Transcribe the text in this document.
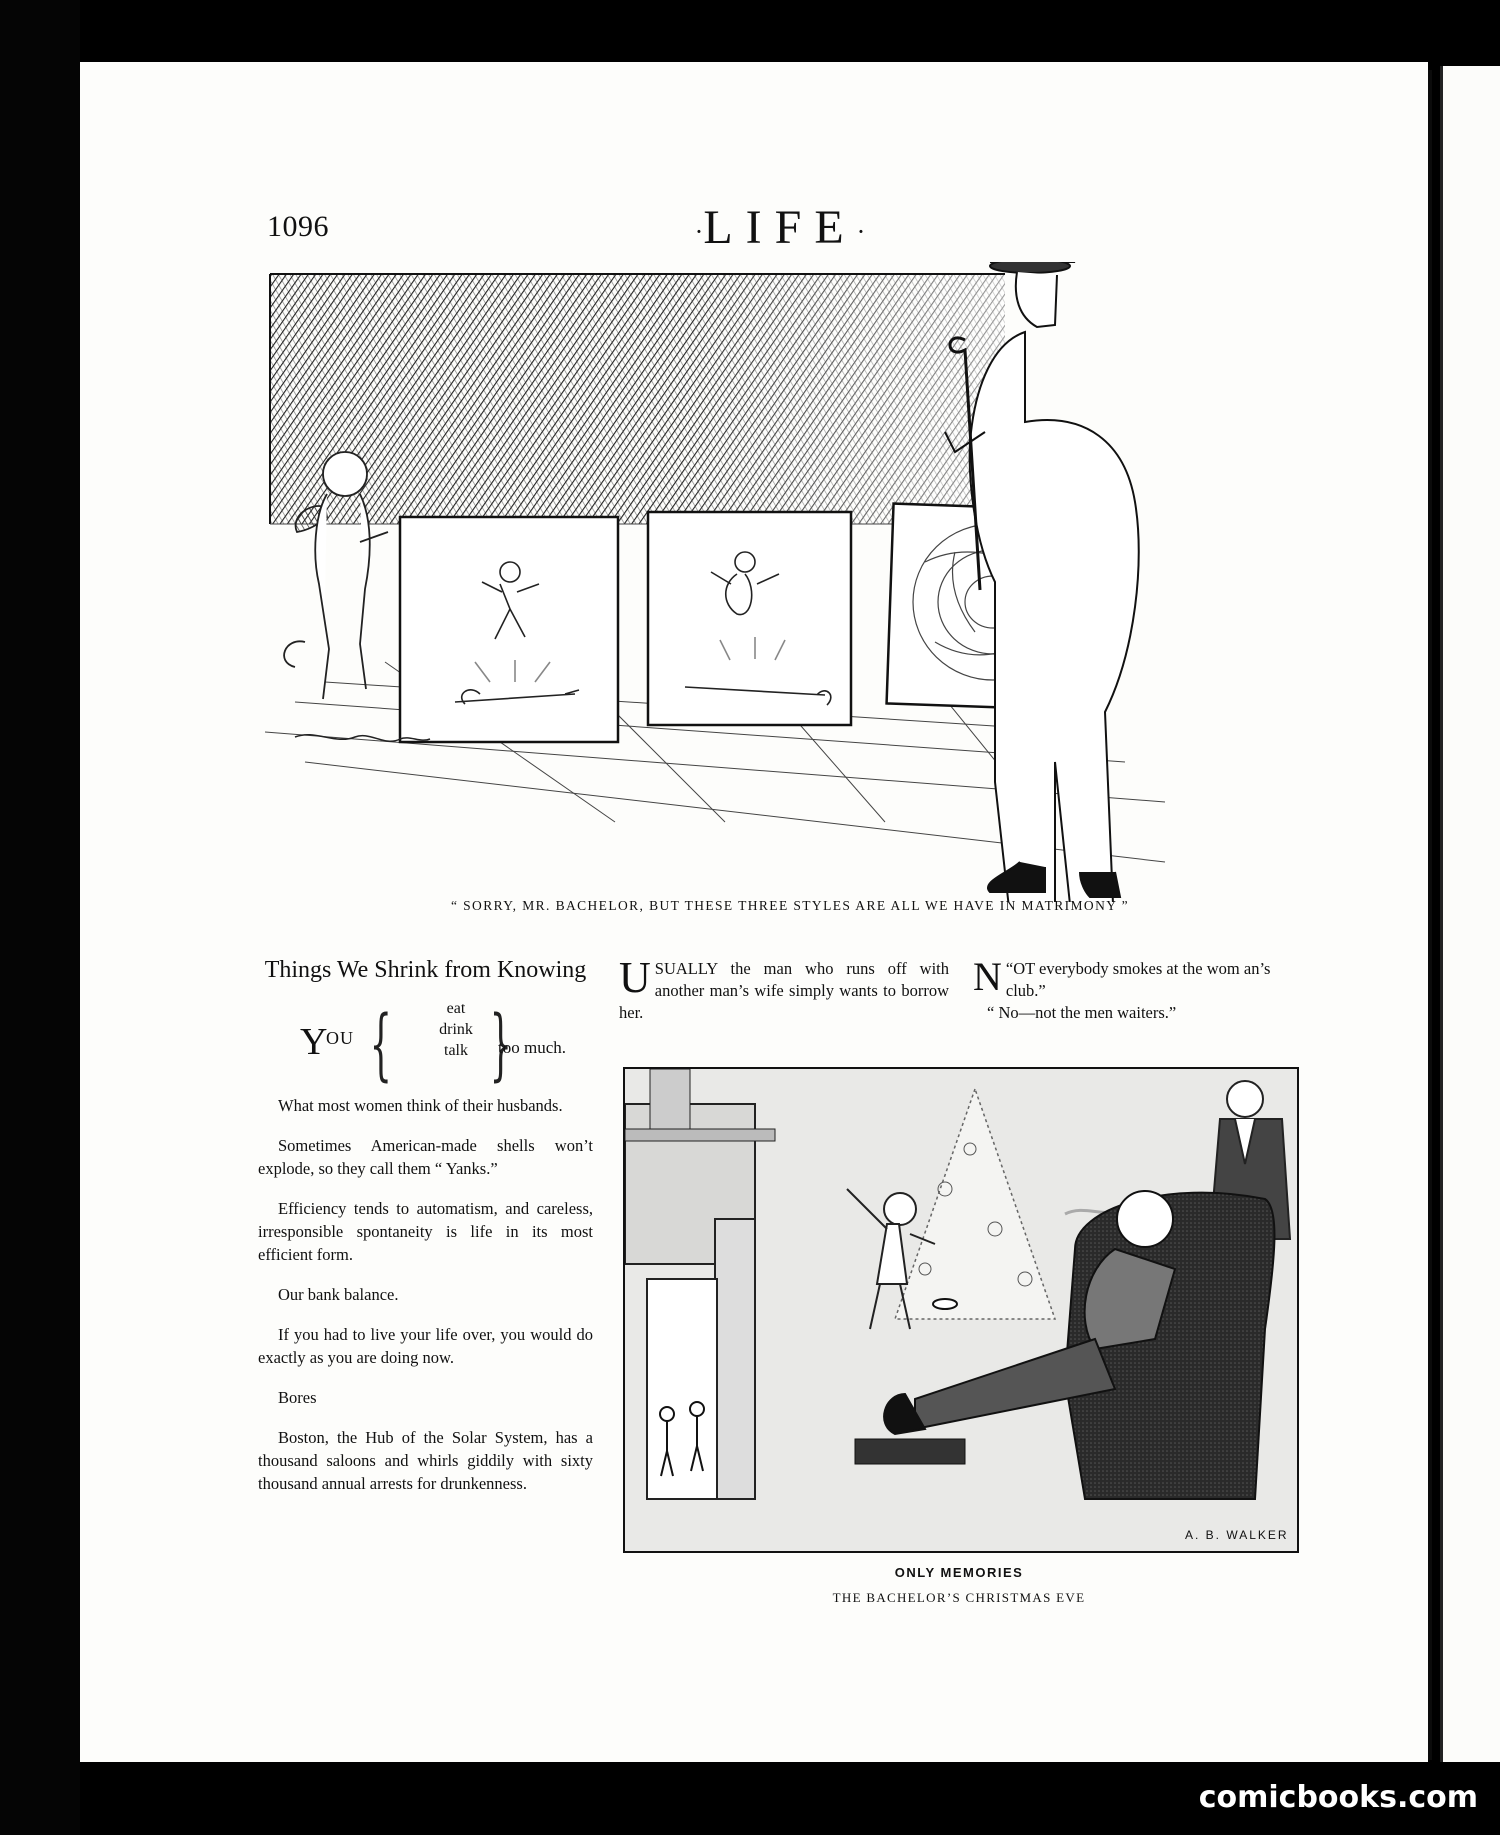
1096	·LIFE·
“ SORRY, MR. BACHELOR, BUT THESE THREE STYLES ARE ALL WE HAVE IN MATRIMONY ”
Things We Shrink from Knowing
Y
OU {	eat
drink
talk }
too much.

What most women think of their husbands.

Sometimes American-made shells won’t explode, so they call them “ Yanks.”

Efficiency tends to automatism, and careless, irresponsible spontaneity is life in its most efficient form.

Our bank balance.

If you had to live your life over, you would do exactly as you are doing now.

Bores

Boston, the Hub of the Solar System, has a thousand saloons and whirls giddily with sixty thousand annual arrests for drunkenness.

USUALLY the man who runs off with another man’s wife simply wants to borrow her.

“
N OT everybody smokes at the wom an’s club.”

“ No—not the men waiters.”

A. B. WALKER
ONLY MEMORIES
THE BACHELOR’S CHRISTMAS EVE
comicbooks.com
